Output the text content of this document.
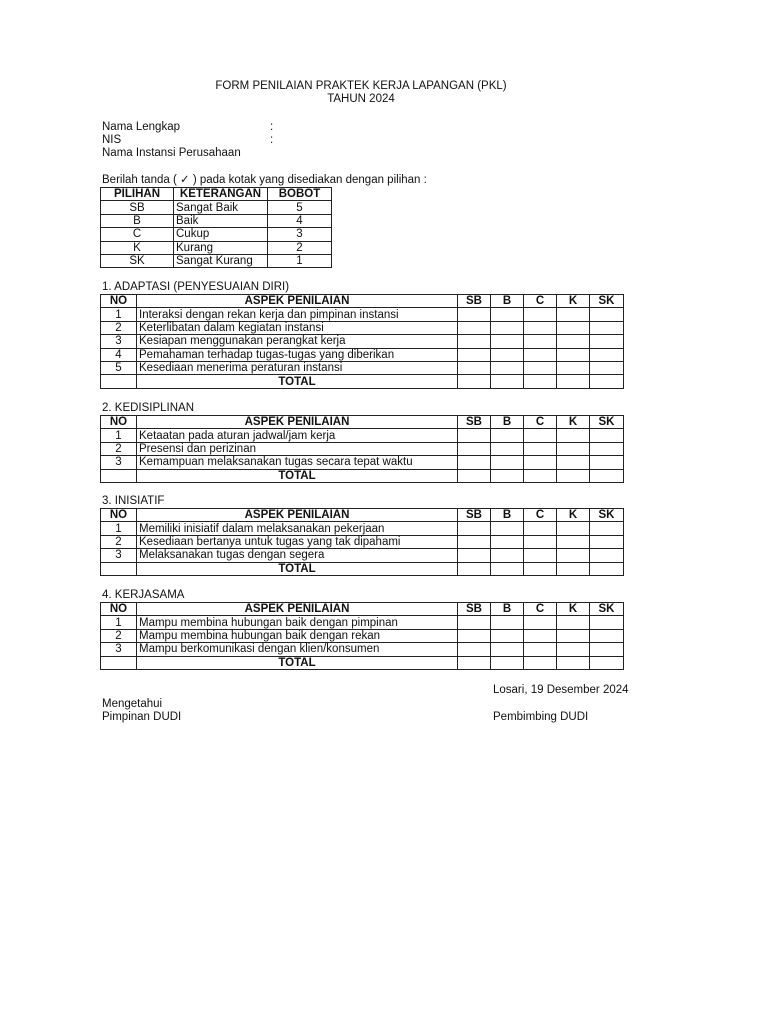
FORM PENILAIAN PRAKTEK KERJA LAPANGAN (PKL)
TAHUN 2024
Nama Lengkap	:
NIS	:
Nama Instansi Perusahaan
Berilah tanda ( ✓ ) pada kotak yang disediakan dengan pilihan :
PILIHAN	KETERANGAN	BOBOT
SB	Sangat Baik	5
B	Baik	4
C	Cukup	3
K	Kurang	2
SK	Sangat Kurang	1
1. ADAPTASI (PENYESUAIAN DIRI)
NO	ASPEK PENILAIAN	SB	B	C	K	SK
1	Interaksi dengan rekan kerja dan pimpinan instansi					
2	Keterlibatan dalam kegiatan instansi					
3	Kesiapan menggunakan perangkat kerja					
4	Pemahaman terhadap tugas-tugas yang diberikan					
5	Kesediaan menerima peraturan instansi					
	TOTAL					
2. KEDISIPLINAN
NO	ASPEK PENILAIAN	SB	B	C	K	SK
1	Ketaatan pada aturan jadwal/jam kerja					
2	Presensi dan perizinan					
3	Kemampuan melaksanakan tugas secara tepat waktu					
	TOTAL					
3. INISIATIF
NO	ASPEK PENILAIAN	SB	B	C	K	SK
1	Memiliki inisiatif dalam melaksanakan pekerjaan					
2	Kesediaan bertanya untuk tugas yang tak dipahami					
3	Melaksanakan tugas dengan segera					
	TOTAL					
4. KERJASAMA
NO	ASPEK PENILAIAN	SB	B	C	K	SK
1	Mampu membina hubungan baik dengan pimpinan					
2	Mampu membina hubungan baik dengan rekan					
3	Mampu berkomunikasi dengan klien/konsumen					
	TOTAL					
Losari, 19 Desember 2024
Mengetahui
Pimpinan DUDI	Pembimbing DUDI
